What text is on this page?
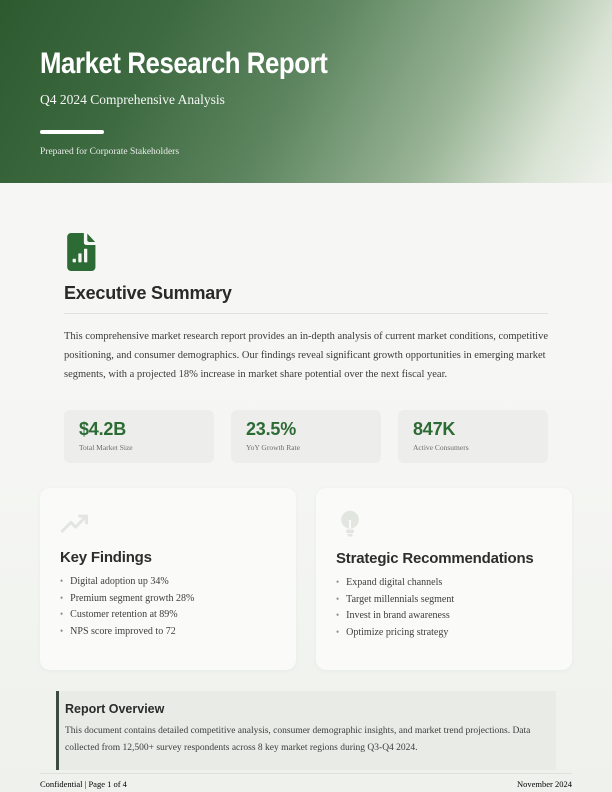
Market Research Report
Q4 2024 Comprehensive Analysis
Prepared for Corporate Stakeholders
Executive Summary

This comprehensive market research report provides an in-depth analysis of current market conditions, competitive positioning, and consumer demographics. Our findings reveal significant growth opportunities in emerging market segments, with a projected 18% increase in market share potential over the next fiscal year.

$4.2B
Total Market Size
23.5%
YoY Growth Rate
847K
Active Consumers
Key Findings
• Digital adoption up 34%
• Premium segment growth 28%
• Customer retention at 89%
• NPS score improved to 72
Strategic Recommendations
• Expand digital channels
• Target millennials segment
• Invest in brand awareness
• Optimize pricing strategy
Report Overview

This document contains detailed competitive analysis, consumer demographic insights, and market trend projections. Data collected from 12,500+ survey respondents across 8 key market regions during Q3-Q4 2024.

Confidential | Page 1 of 4	November 2024
